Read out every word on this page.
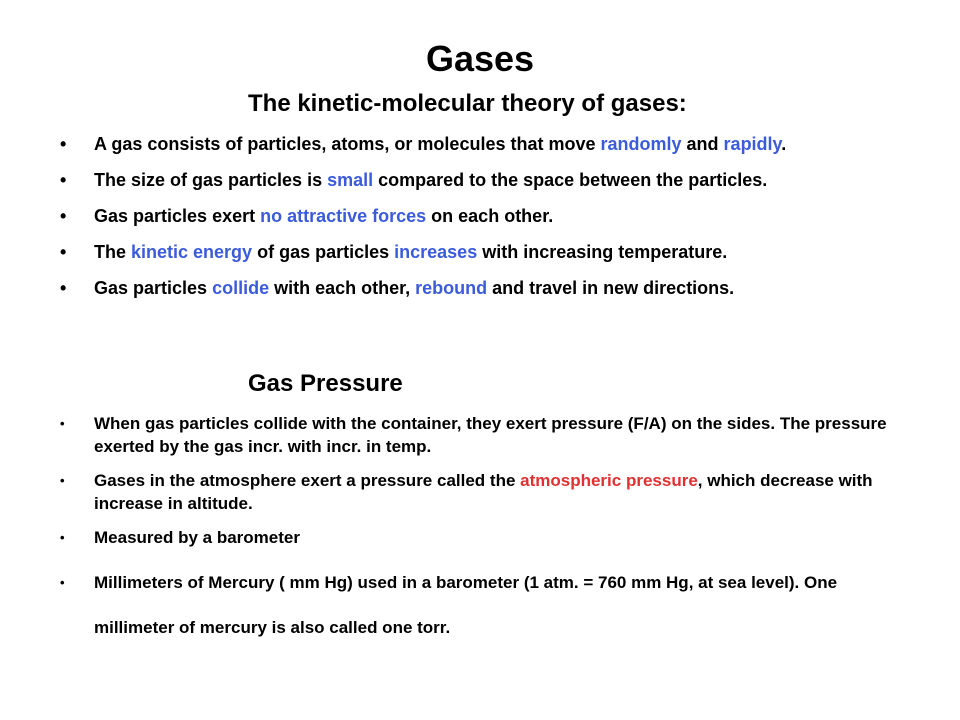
Gases
The kinetic-molecular theory of gases:
• A gas consists of particles, atoms, or molecules that move randomly and rapidly.
• The size of gas particles is small compared to the space between the particles.
• Gas particles exert no attractive forces on each other.
• The kinetic energy of gas particles increases with increasing temperature.
• Gas particles collide with each other, rebound and travel in new directions.
Gas Pressure
• When gas particles collide with the container, they exert pressure (F/A) on the sides. The pressure exerted by the gas incr. with incr. in temp.
• Gases in the atmosphere exert a pressure called the atmospheric pressure, which decrease with increase in altitude.
• Measured by a barometer
• Millimeters of Mercury ( mm Hg) used in a barometer (1 atm. = 760 mm Hg, at sea level). One millimeter of mercury is also called one torr.
